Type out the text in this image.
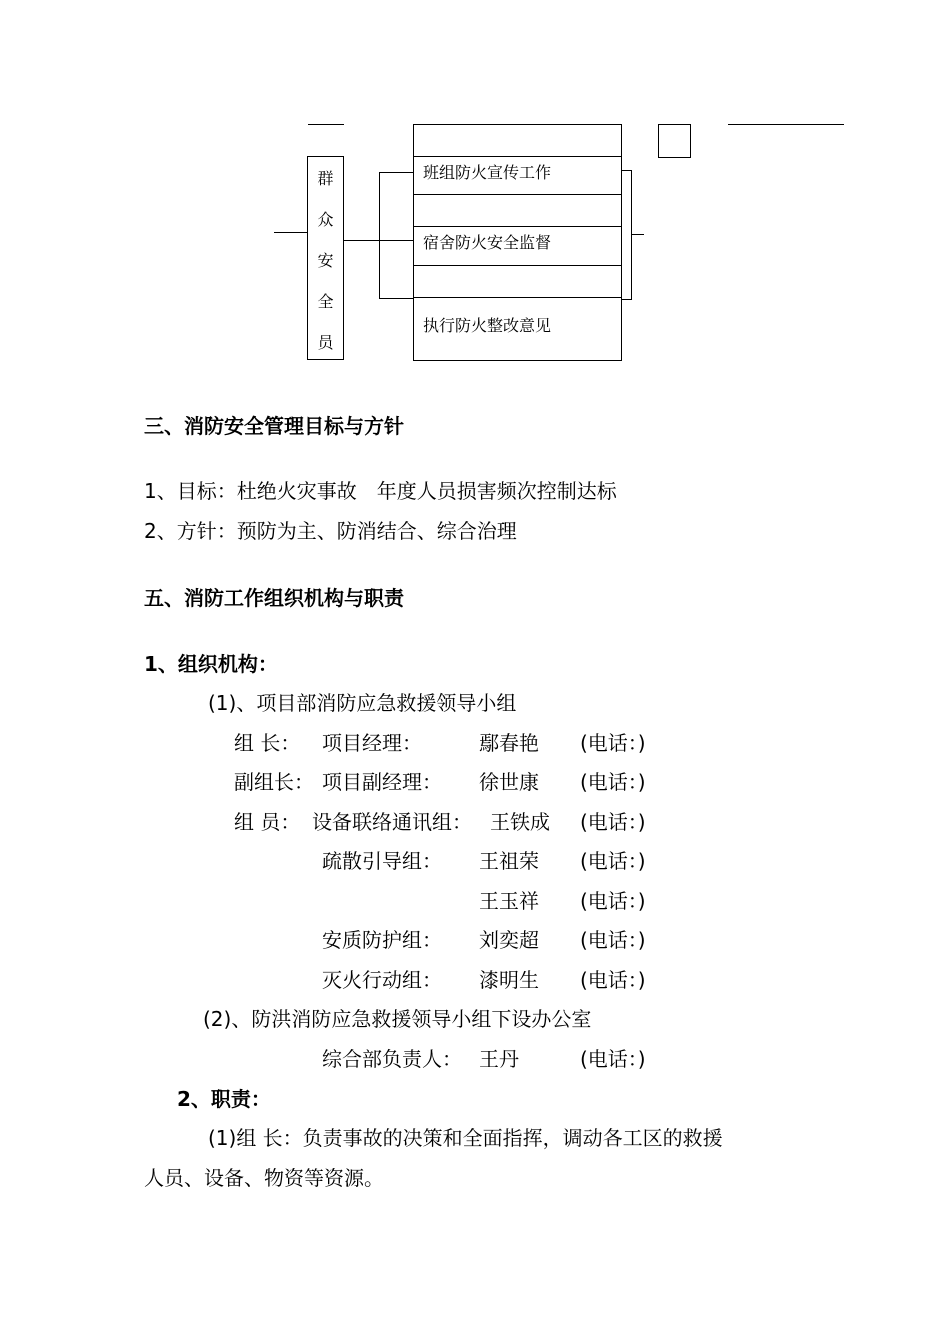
群
众
安
全
员
班组防火宣传工作
宿舍防火安全监督
执行防火整改意见
三、消防安全管理目标与方针
1、目标：杜绝火灾事故　年度人员损害频次控制达标
2、方针：预防为主、防消结合、综合治理
五、消防工作组织机构与职责
1、组织机构：
(1)、项目部消防应急救援领导小组
组 长： 项目经理：	鄢春艳 (电话：)
副组长： 项目副经理： 徐世康 (电话：)
组 员： 设备联络通讯组： 王铁成 (电话：)
疏散引导组： 王祖荣 (电话：)
王玉祥 (电话：)
安质防护组： 刘奕超 (电话：)
灭火行动组： 漆明生 (电话：)
(2)、防洪消防应急救援领导小组下设办公室
综合部负责人： 王丹	(电话：)
2、职责：
(1)组 长：负责事故的决策和全面指挥，调动各工区的救援
人员、设备、物资等资源。
